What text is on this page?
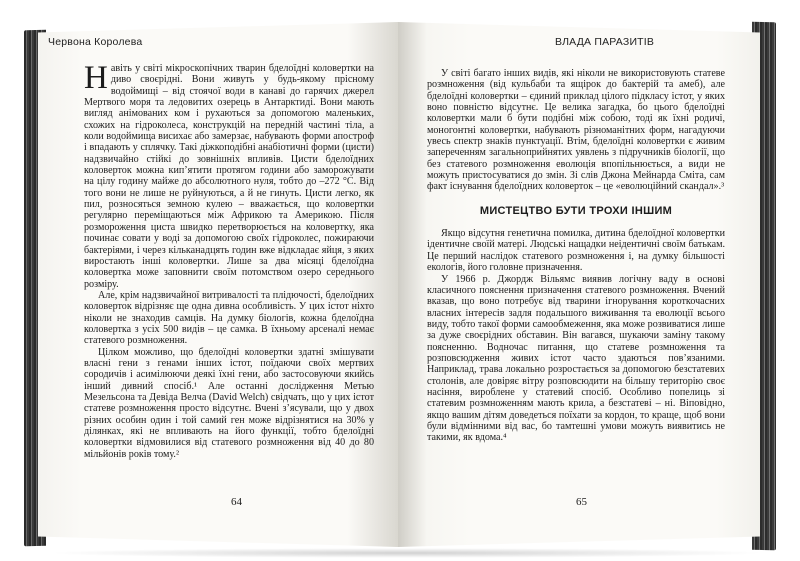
Червона Королева	ВЛАДА ПАРАЗИТІВ

Навіть у світі мікроскопічних тварин бделоїдні коловертки на диво своєрідні. Вони живуть у будь-якому прісному водоймищі – від стоячої води в канаві до гарячих джерел Мертвого моря та ледовитих озерець в Антарктиді. Вони мають вигляд анімованих ком і рухаються за допомогою маленьких, схожих на гідроколеса, конструкцій на передній частині тіла, а коли водоймища висихає або замерзає, набувають форми апостроф і впадають у сплячку. Такі діжкоподібні анабіотичні форми (цисти) надзвичайно стійкі до зовнішніх впливів. Цисти бделоїдних коловерток можна кип’ятити протягом години або заморожувати на цілу годину майже до абсолютного нуля, тобто до –272 °С. Від того вони не лише не руйнуються, а й не гинуть. Цисти легко, як пил, розносяться земною кулею – вважається, що коловертки регулярно переміщаються між Африкою та Америкою. Після розмороження циста швидко перетворюється на коловертку, яка починає совати у воді за допомогою своїх гідроколес, пожираючи бактеріями, і через кільканадцять годин вже відкладає яйця, з яких виростають інші коловертки. Лише за два місяці бделоїдна коловертка може заповнити своїм потомством озеро середнього розміру.

Але, крім надзвичайної витривалості та плідючості, бделоїдних коловерток відрізняє ще одна дивна особливість. У цих істот ніхто ніколи не знаходив самців. На думку біологів, кожна бделоїдна коловертка з усіх 500 видів – це самка. В їхньому арсеналі немає статевого розмноження.

Цілком можливо, що бделоїдні коловертки здатні змішувати власні гени з генами інших істот, поїдаючи своїх мертвих сородичів і асимілюючи деякі їхні гени, або застосовуючи якийсь інший дивний спосіб.¹ Але останні дослідження Метью Мезельсона та Девіда Велча (David Welch) свідчать, що у цих істот статеве розмноження просто відсутнє. Вчені з’ясували, що у двох різних особин один і той самий ген може відрізнятися на 30% у ділянках, які не впливають на його функції, тобто бделоїдні коловертки відмовилися від статевого розмноження від 40 до 80 мільйонів років тому.²

У світі багато інших видів, які ніколи не використовують статеве розмноження (від кульбаби та ящірок до бактерій та амеб), але бделоїдні коловертки – єдиний приклад цілого підкласу істот, у яких воно повністю відсутнє. Це велика загадка, бо цього бделоїдні коловертки мали б бути подібні між собою, тоді як їхні родичі, моногонтні коловертки, набувають різноманітних форм, нагадуючи увесь спектр знаків пунктуації. Втім, бделоїдні коловертки є живим запереченням загальноприйнятих уявлень з підручників біології, що без статевого розмноження еволюція впопільнюється, а види не можуть пристосуватися до змін. Зі слів Джона Мейнарда Сміта, сам факт існування бделоїдних коловерток – це «еволюційний скандал».³

МИСТЕЦТВО БУТИ ТРОХИ ІНШИМ

Якщо відсутня генетична помилка, дитина бделоїдної коловертки ідентичне своїй матері. Людські нащадки неідентичні своїм батькам. Це перший наслідок статевого розмноження і, на думку більшості екологів, його головне призначення.

У 1966 р. Джордж Вільямс виявив логічну ваду в основі класичного пояснення призначення статевого розмноження. Вчений вказав, що воно потребує від тварини ігнорування короткочасних власних інтересів задля подальшого виживання та еволюції всього виду, тобто такої форми самообмеження, яка може розвиватися лише за дуже своєрідних обставин. Він вагався, шукаючи заміну такому поясненню. Водночас питання, що статеве розмноження та розповсюдження живих істот часто здаються пов’язаними. Наприклад, трава локально розростається за допомогою безстатевих столонів, але довіряє вітру розповсюдити на більшу територію своє насіння, вироблене у статевий спосіб. Особливо попелиць зі статевим розмноженням мають крила, а безстатеві – ні. Віповідно, якщо вашим дітям доведеться поїхати за кордон, то краще, щоб вони були відмінними від вас, бо тамтешні умови можуть виявитись не такими, як вдома.⁴

64	65
